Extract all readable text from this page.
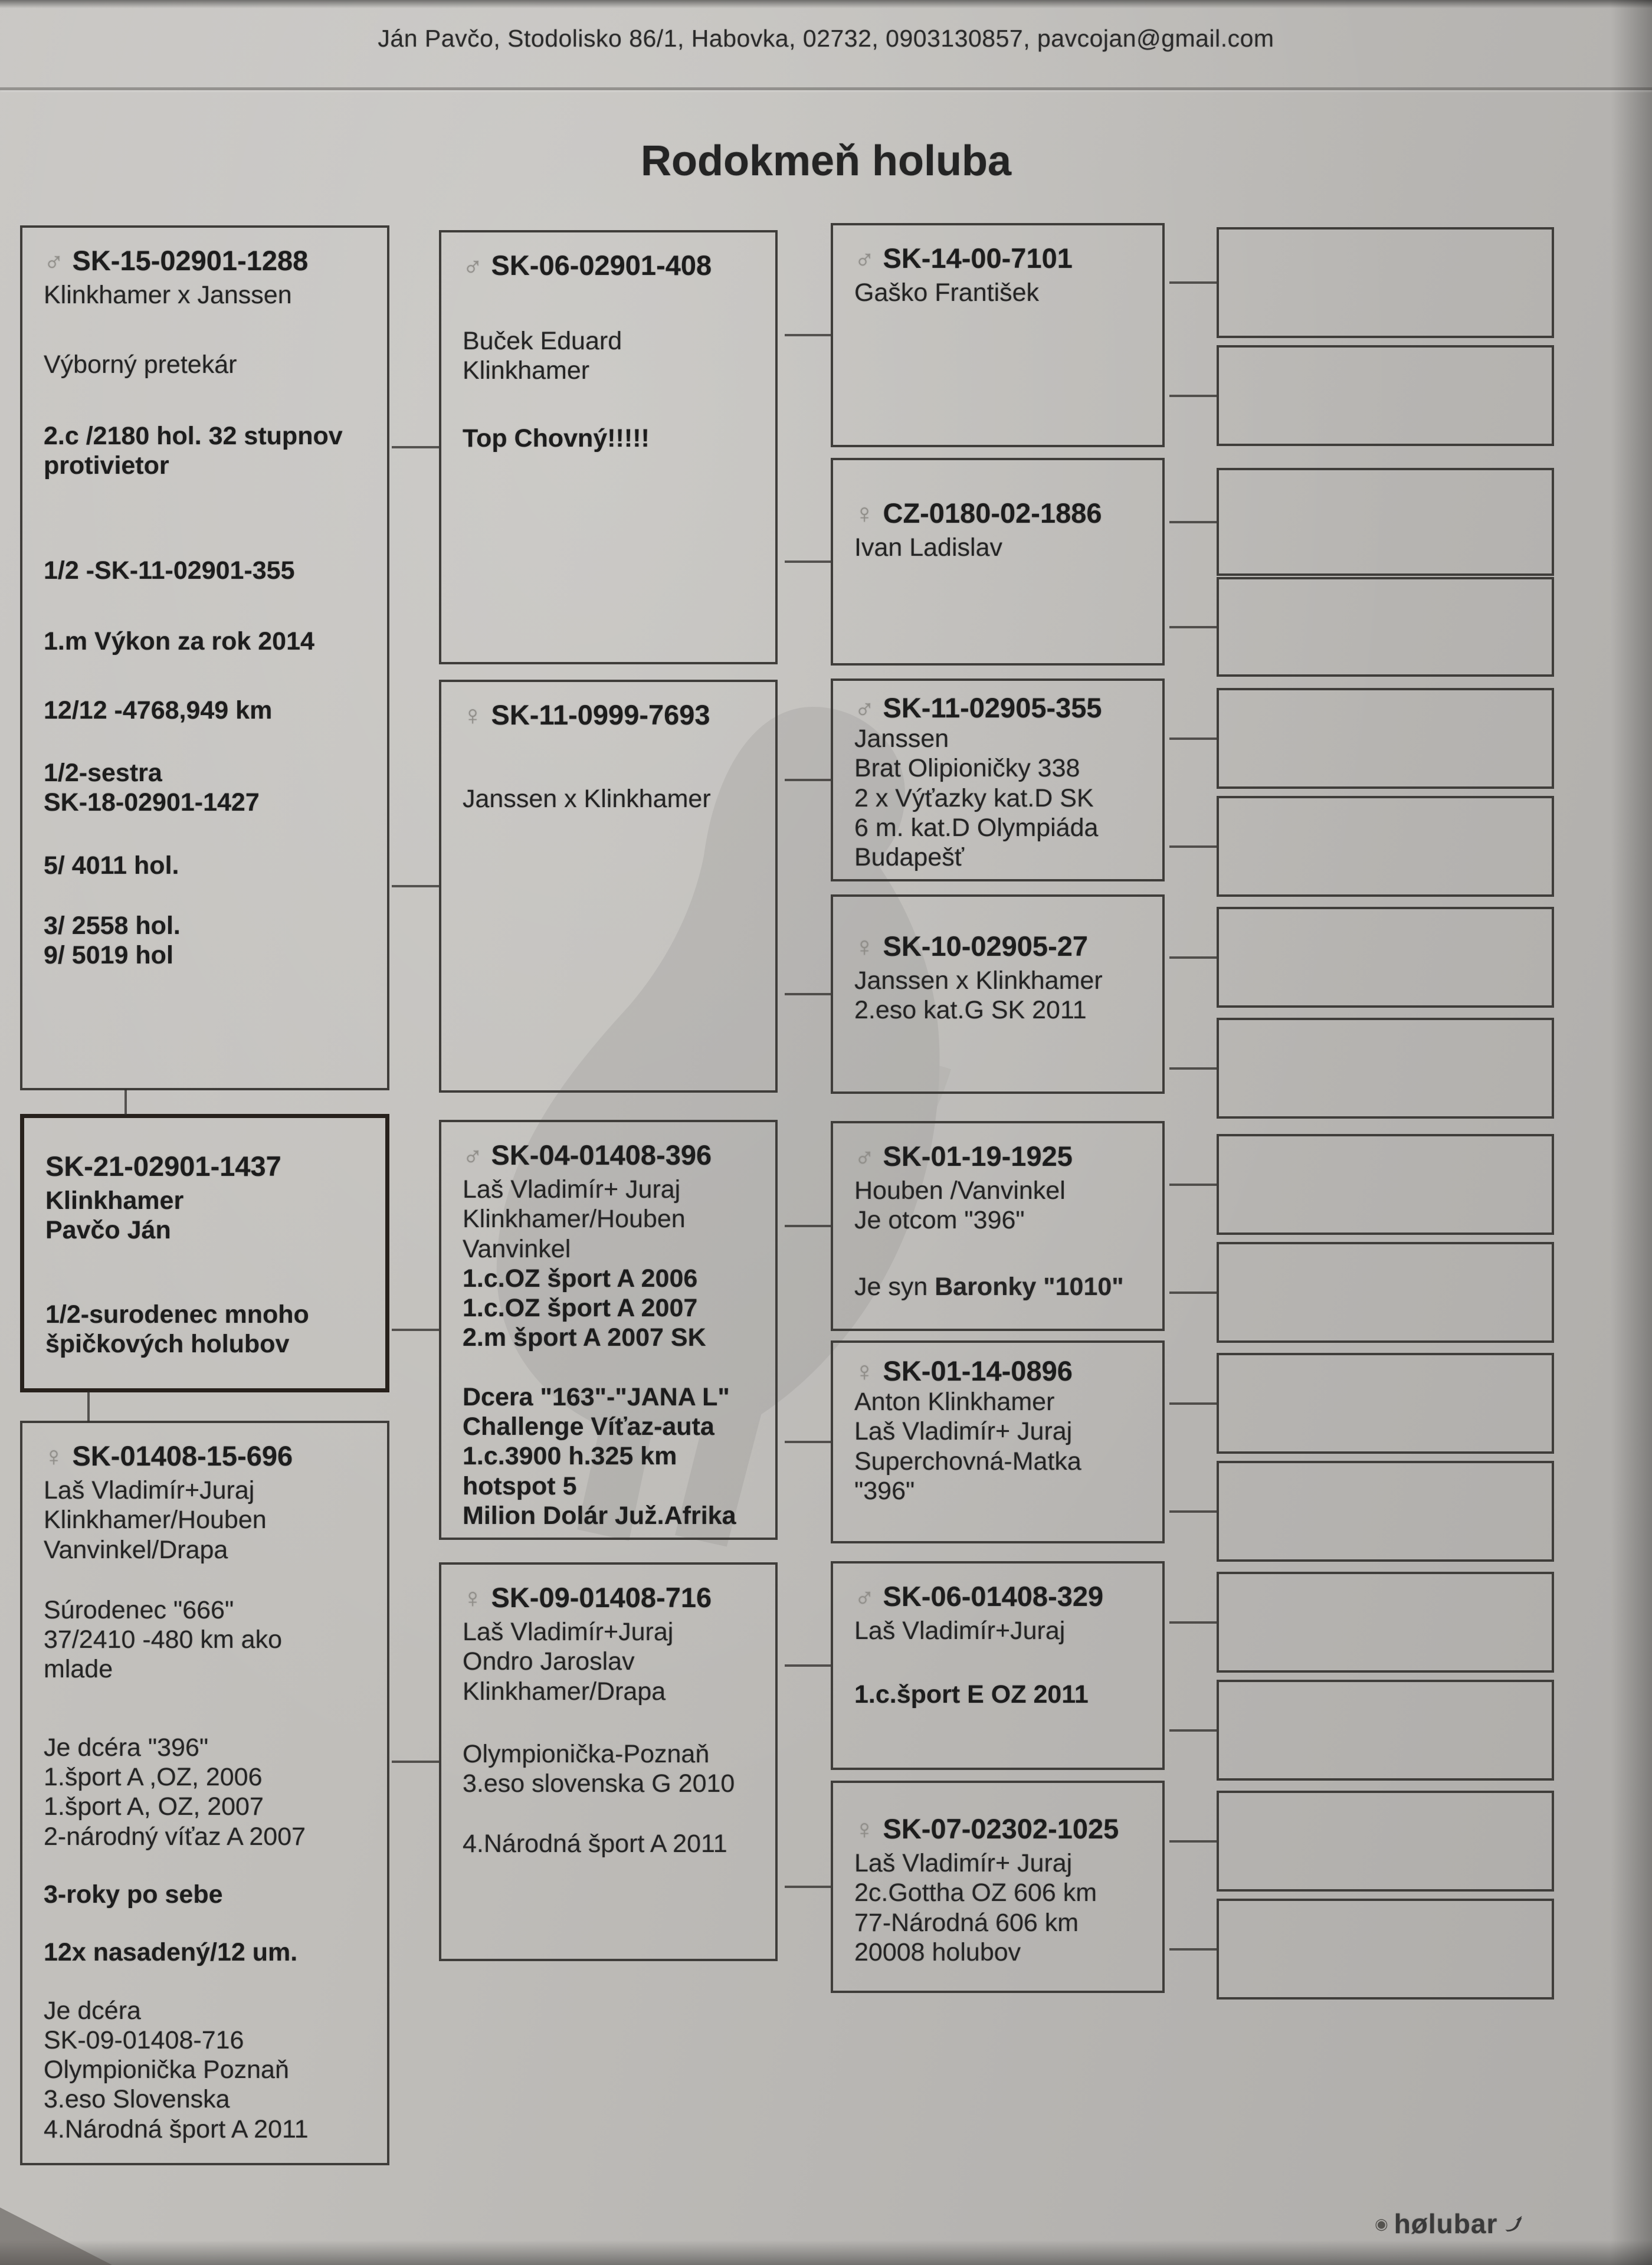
Ján Pavčo, Stodolisko 86/1, Habovka, 02732, 0903130857, pavcojan@gmail.com
Rodokmeň holuba
♂ SK-15-02901-1288
Klinkhamer x Janssen
Výborný pretekár
2.c /2180 hol. 32 stupnov
protivietor
1/2 -SK-11-02901-355
1.m Výkon za rok 2014
12/12 -4768,949 km
1/2-sestra
SK-18-02901-1427
5/ 4011 hol.
3/ 2558 hol.
9/ 5019 hol
SK-21-02901-1437
Klinkhamer
Pavčo Ján
1/2-surodenec mnoho
špičkových holubov
♀ SK-01408-15-696
Laš Vladimír+Juraj
Klinkhamer/Houben
Vanvinkel/Drapa
Súrodenec "666"
37/2410 -480 km ako
mlade
Je dcéra "396"
1.šport A ,OZ, 2006
1.šport A, OZ, 2007
2-národný víťaz A 2007
3-roky po sebe
12x nasadený/12 um.
Je dcéra
SK-09-01408-716
Olympionička Poznaň
3.eso Slovenska
4.Národná šport A 2011
♂ SK-06-02901-408
Buček Eduard
Klinkhamer
Top Chovný!!!!!
♀ SK-11-0999-7693
Janssen x Klinkhamer
♂ SK-04-01408-396
Laš Vladimír+ Juraj
Klinkhamer/Houben
Vanvinkel
1.c.OZ šport A 2006
1.c.OZ šport A 2007
2.m šport A 2007 SK
Dcera "163"-"JANA L"
Challenge Víťaz-auta
1.c.3900 h.325 km
hotspot 5
Milion Dolár Juž.Afrika
♀ SK-09-01408-716
Laš Vladimír+Juraj
Ondro Jaroslav
Klinkhamer/Drapa
Olympionička-Poznaň
3.eso slovenska G 2010
4.Národná šport A 2011
♂ SK-14-00-7101
Gaško František
♀ CZ-0180-02-1886
Ivan Ladislav
♂ SK-11-02905-355
Janssen
Brat Olipioničky 338
2 x Výťazky kat.D SK
6 m. kat.D Olympiáda
Budapešť
♀ SK-10-02905-27
Janssen x Klinkhamer
2.eso kat.G SK 2011
♂ SK-01-19-1925
Houben /Vanvinkel
Je otcom "396"
Je syn Baronky "1010"
♀ SK-01-14-0896
Anton Klinkhamer
Laš Vladimír+ Juraj
Superchovná-Matka
"396"
♂ SK-06-01408-329
Laš Vladimír+Juraj
1.c.šport E OZ 2011
♀ SK-07-02302-1025
Laš Vladimír+ Juraj
2c.Gottha OZ 606 km
77-Národná 606 km
20008 holubov
◉ hølubar
